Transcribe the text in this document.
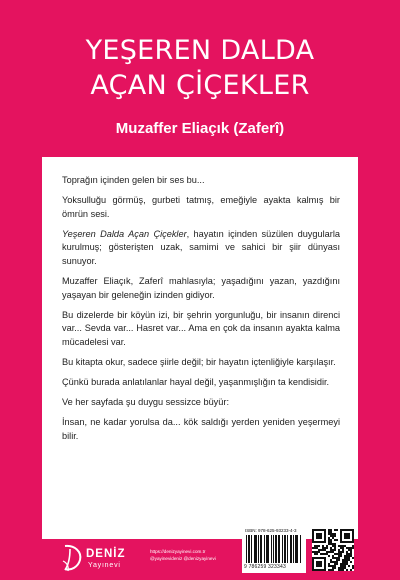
YEŞEREN DALDA
AÇAN ÇİÇEKLER
Muzaffer Eliaçık (Zaferî)

Toprağın içinden gelen bir ses bu...

Yoksulluğu görmüş, gurbeti tatmış, emeğiyle ayakta kalmış bir ömrün sesi.

Yeşeren Dalda Açan Çiçekler, hayatın içinden süzülen duygularla kurulmuş; gösterişten uzak, samimi ve sahici bir şiir dünyası sunuyor.

Muzaffer Eliaçık, Zaferî mahlasıyla; yaşadığını yazan, yazdığını yaşayan bir geleneğin izinden gidiyor.

Bu dizelerde bir köyün izi, bir şehrin yorgunluğu, bir insanın direnci var... Sevda var... Hasret var... Ama en çok da insanın ayakta kalma mücadelesi var.

Bu kitapta okur, sadece şiirle değil; bir hayatın içtenliğiyle karşılaşır.

Çünkü burada anlatılanlar hayal değil, yaşanmışlığın ta kendisidir.

Ve her sayfada şu duygu sessizce büyür:

İnsan, ne kadar yorulsa da... kök saldığı yerden yeniden yeşermeyi bilir.

DENİZ
Yayınevi
https://denizyayinevi.com.tr
@yayinevideniz @denizyayinevi
ISBN: 978-625-93233-4-3
9 786259 323343
